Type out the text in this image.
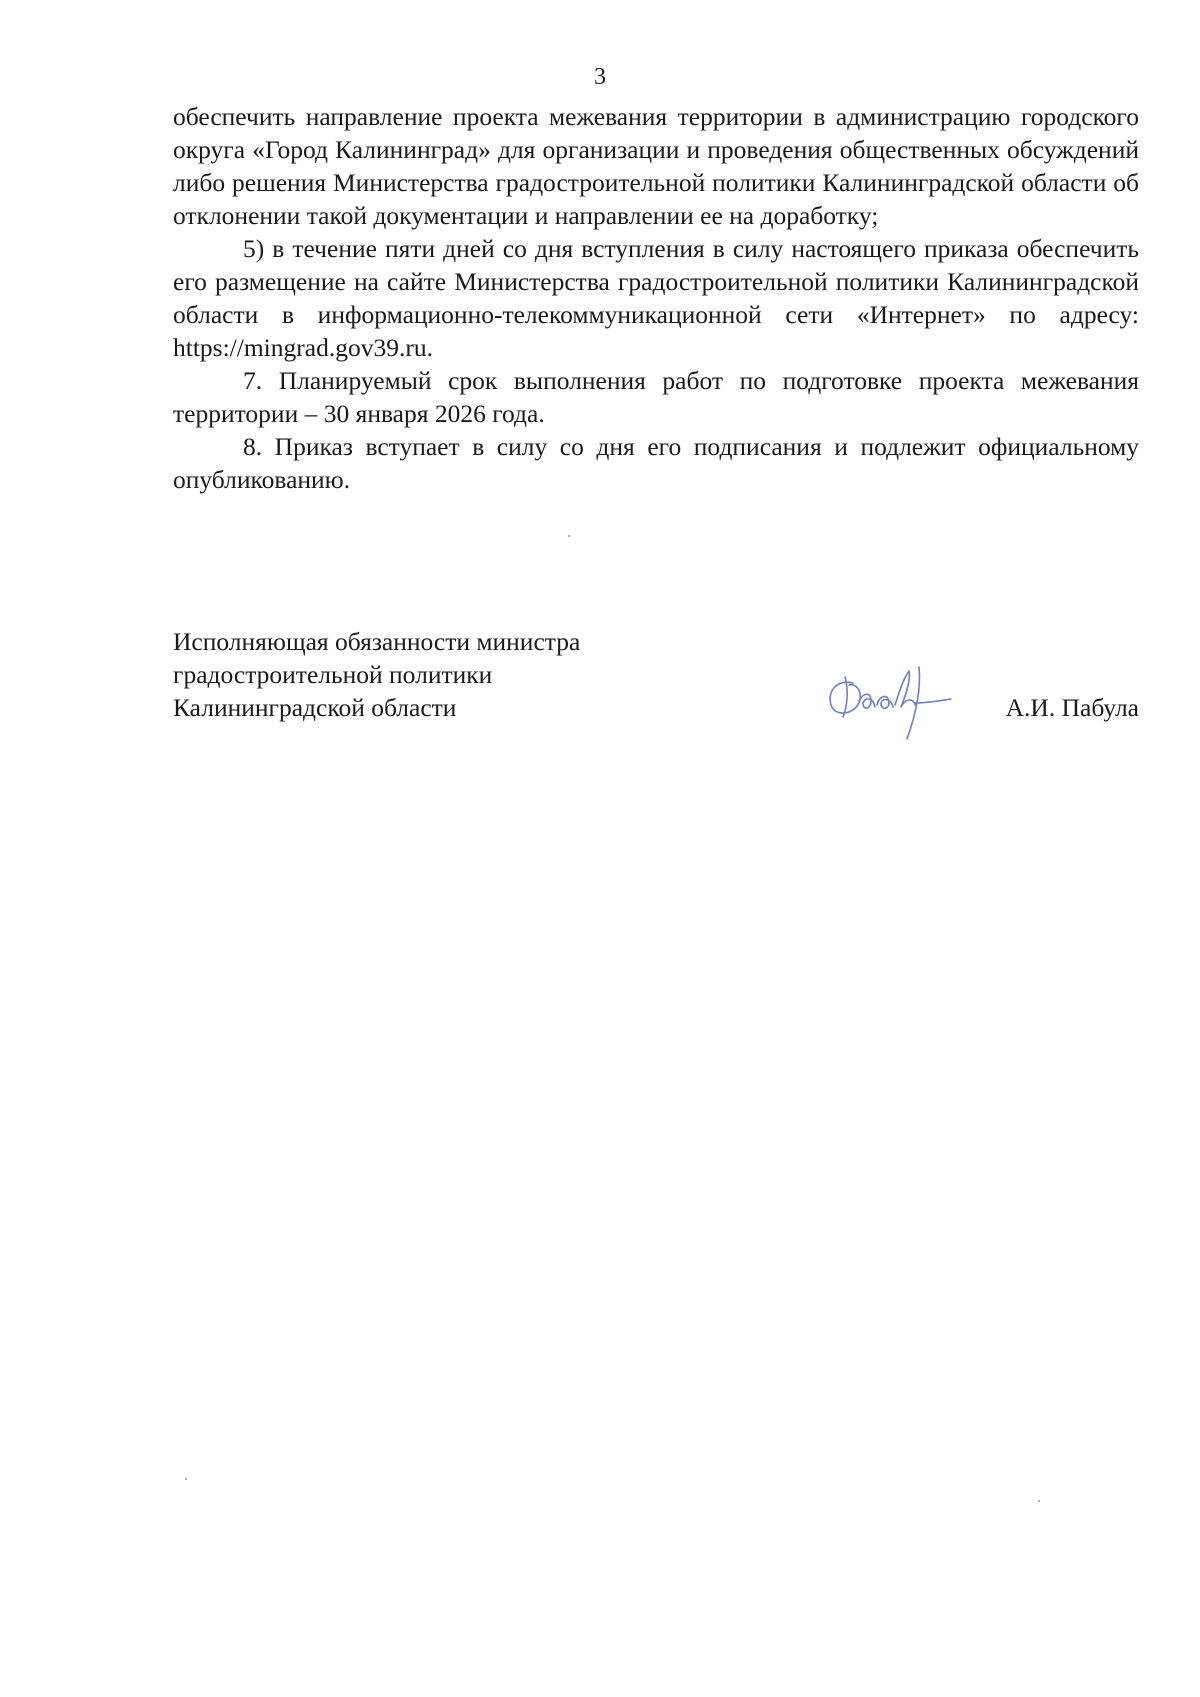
3

обеспечить направление проекта межевания территории в администрацию городского округа «Город Калининград» для организации и проведения общественных обсуждений либо решения Министерства градостроительной политики Калининградской области об отклонении такой документации и направлении ее на доработку;

5) в течение пяти дней со дня вступления в силу настоящего приказа обеспечить его размещение на сайте Министерства градостроительной политики Калининградской области в информационно-телекоммуникационной сети «Интернет» по адресу: https://mingrad.gov39.ru.

7. Планируемый срок выполнения работ по подготовке проекта межевания территории – 30 января 2026 года.

8. Приказ вступает в силу со дня его подписания и подлежит официальному опубликованию.

Исполняющая обязанности министра
градостроительной политики
Калининградской области	А.И. Пабула
